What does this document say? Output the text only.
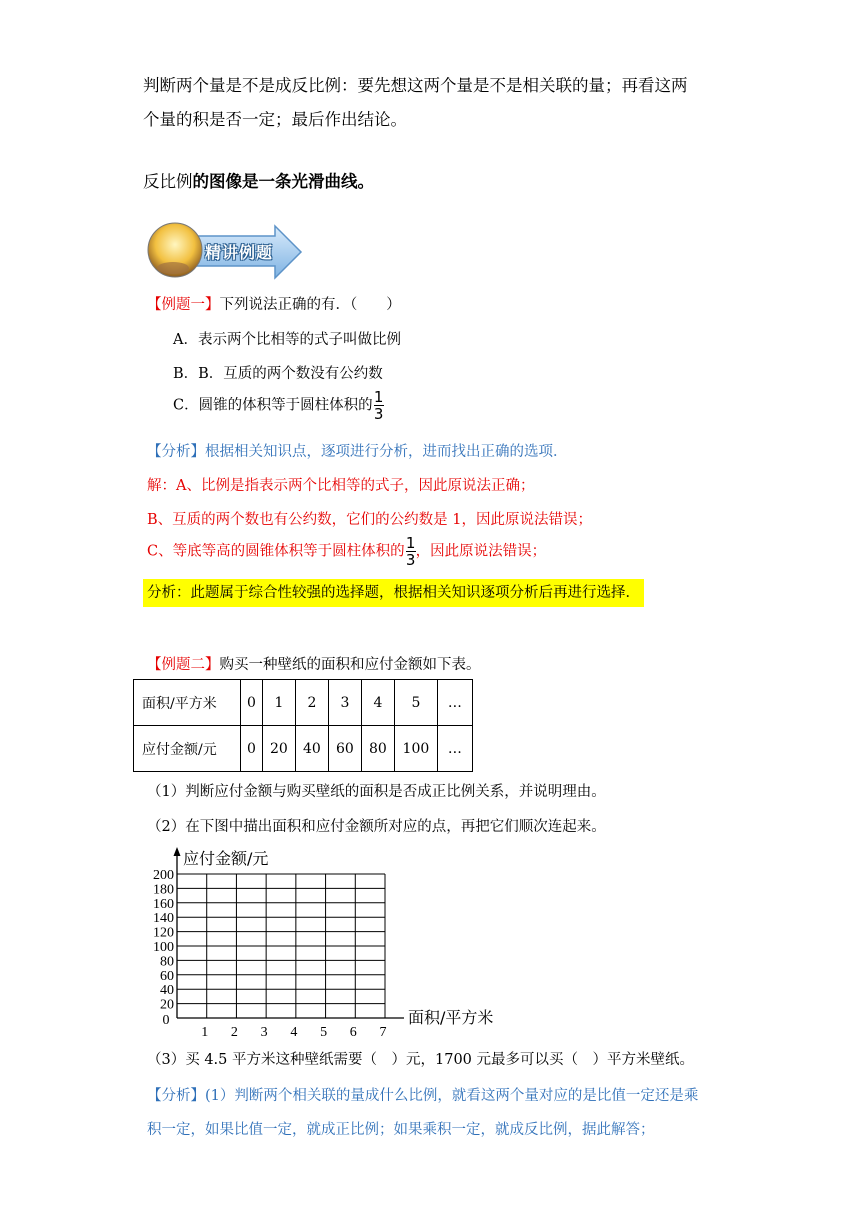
判断两个量是不是成反比例：要先想这两个量是不是相关联的量；再看这两
个量的积是否一定；最后作出结论。
反比例的图像是一条光滑曲线。
精讲例题
【例题一】下列说法正确的有．（　　）
A．表示两个比相等的式子叫做比例
B．B．互质的两个数没有公约数
C．圆锥的体积等于圆柱体积的 $\frac{1}{3}$
【分析】根据相关知识点，逐项进行分析，进而找出正确的选项．
解：A、比例是指表示两个比相等的式子，因此原说法正确；
B、互质的两个数也有公约数，它们的公约数是 1，因此原说法错误；
C、等底等高的圆锥体积等于圆柱体积的 $\frac{1}{3}$ ，因此原说法错误；
分析：此题属于综合性较强的选择题，根据相关知识逐项分析后再进行选择．
【例题二】购买一种壁纸的面积和应付金额如下表。
面积/平方米	0	1	2	3	4	5	…
应付金额/元	0	20	40	60	80	100	…
（1）判断应付金额与购买壁纸的面积是否成正比例关系，并说明理由。
（2）在下图中描出面积和应付金额所对应的点，再把它们顺次连起来。
200
180
160
140
120
100
80
60
40
20
0
1 2 3 4 5 6 7
应付金额/元
面积/平方米
（3）买 4.5 平方米这种壁纸需要（　）元，1700 元最多可以买（　）平方米壁纸。
【分析】(1）判断两个相关联的量成什么比例，就看这两个量对应的是比值一定还是乘
积一定，如果比值一定，就成正比例；如果乘积一定，就成反比例，据此解答；
